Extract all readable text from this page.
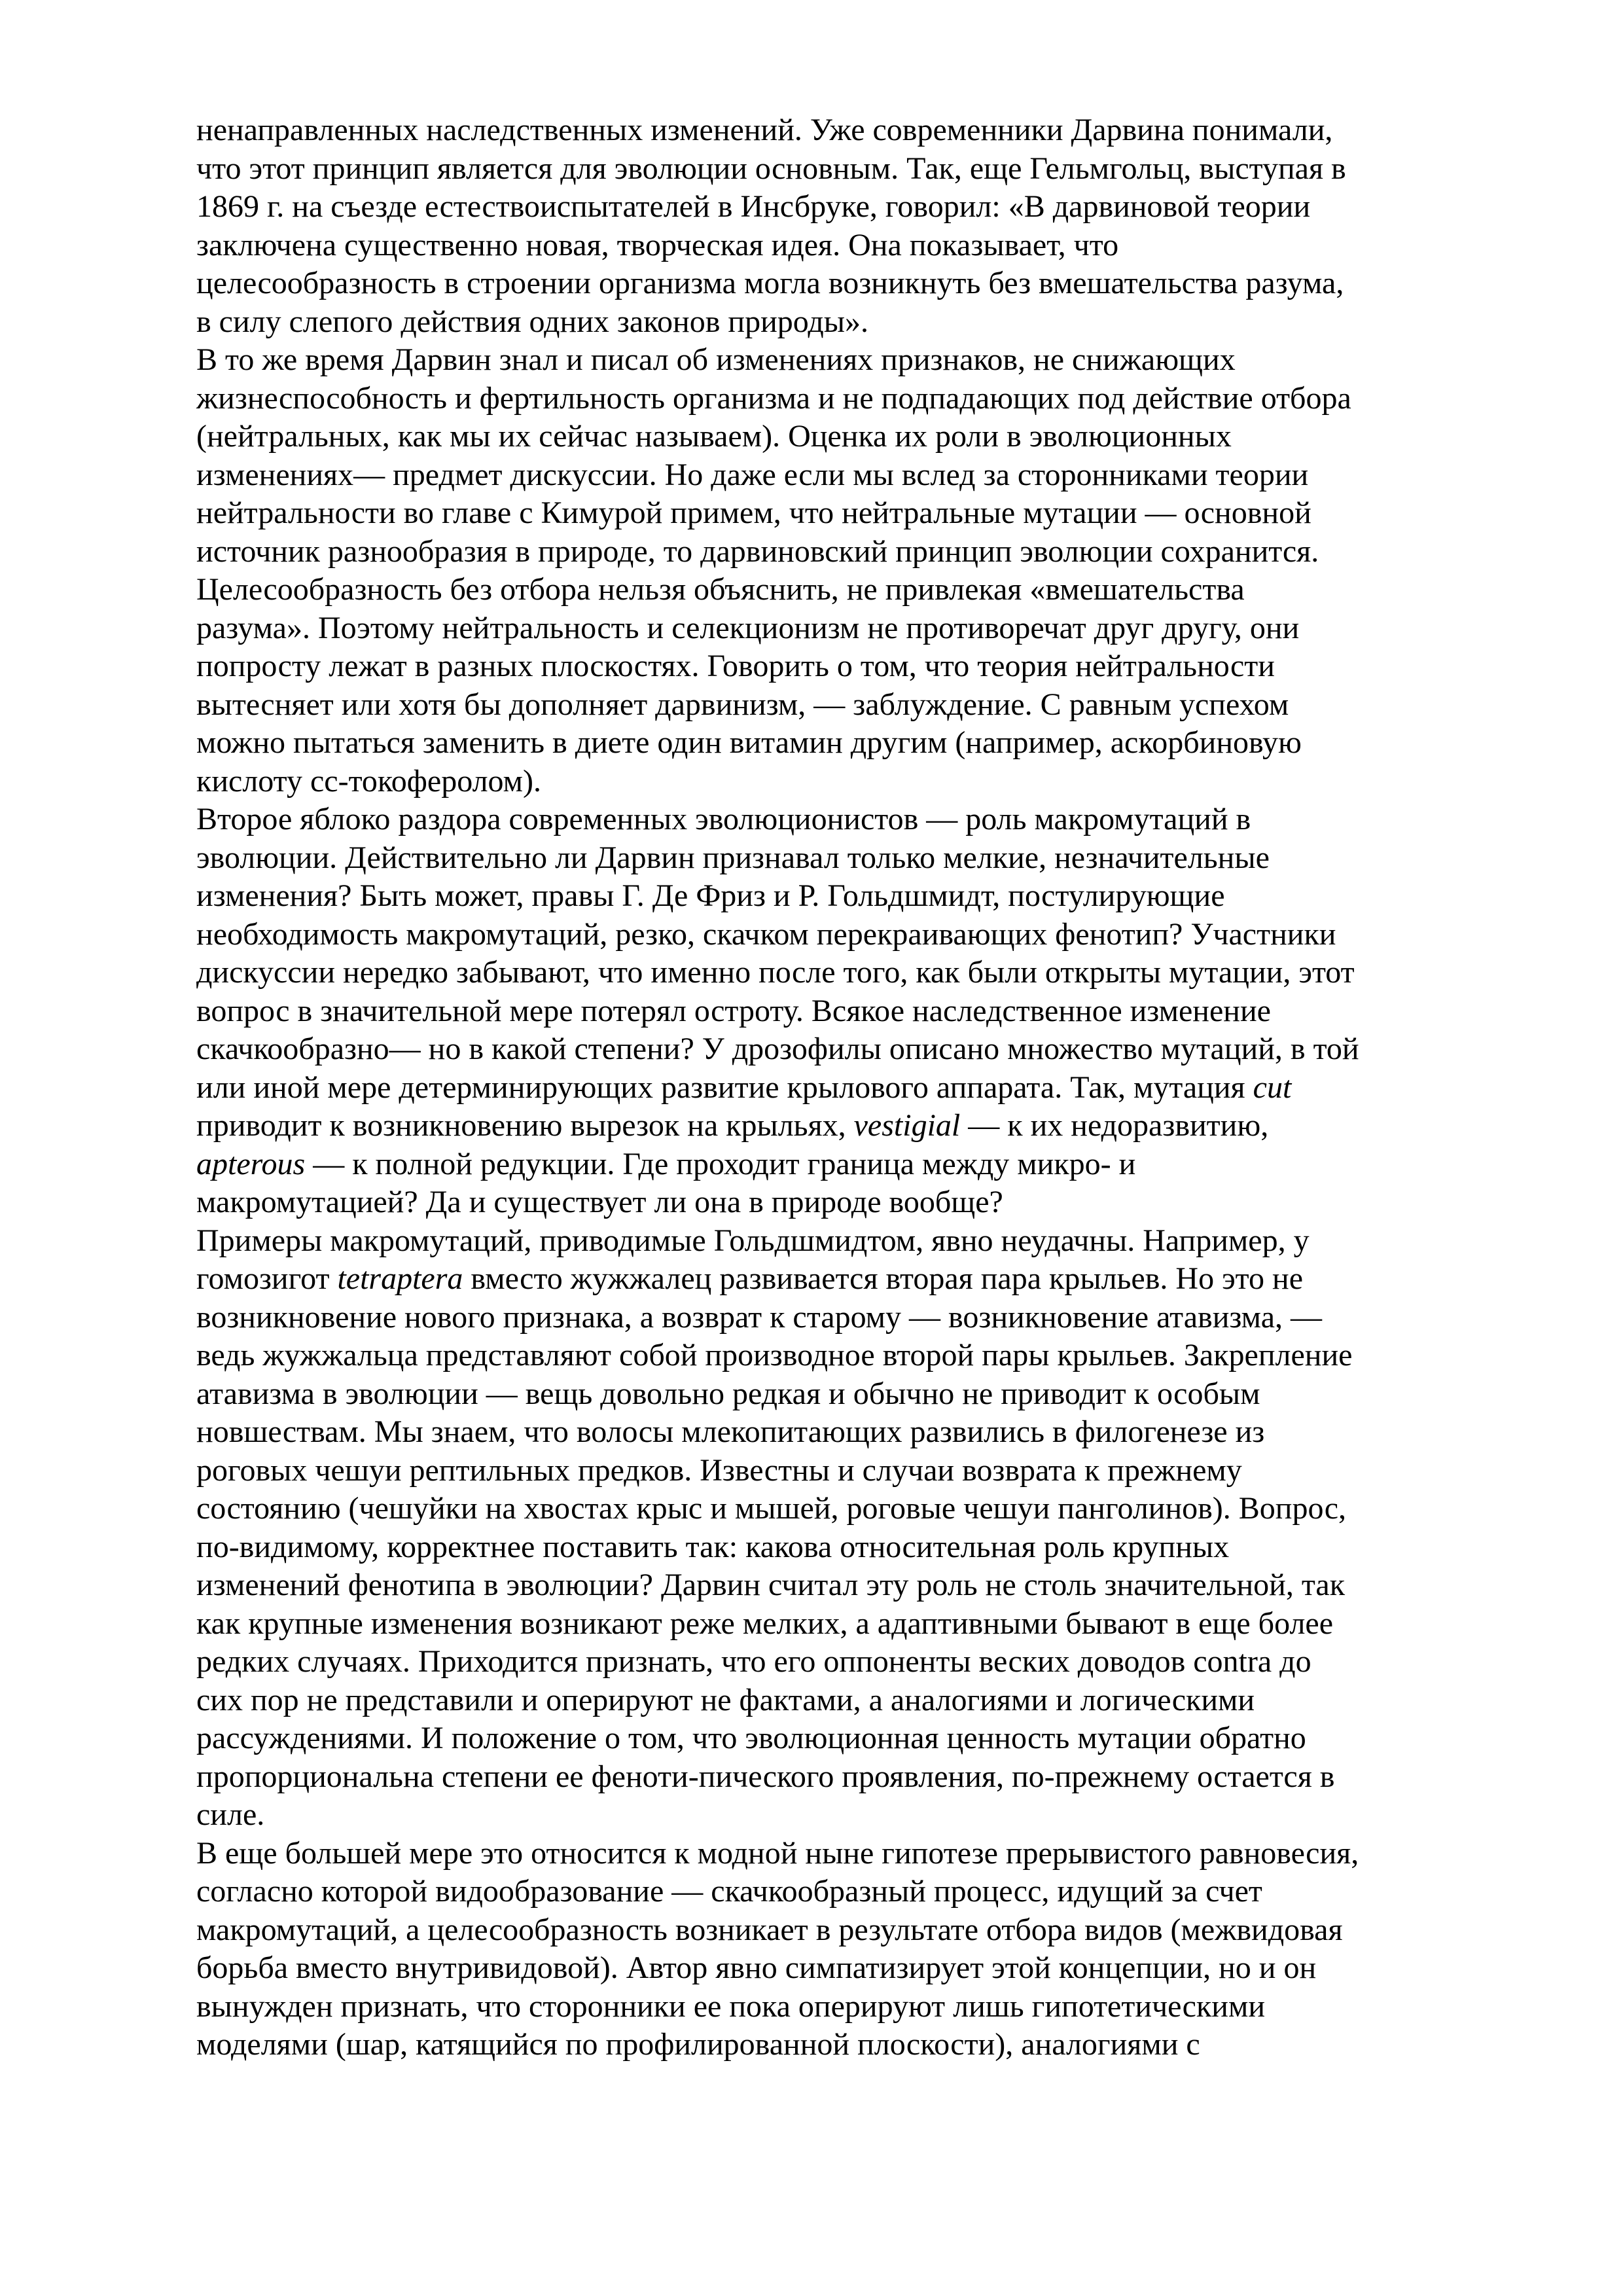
ненаправленных наследственных изменений. Уже современники Дарвина понимали,
что этот принцип является для эволюции основным. Так, еще Гельмгольц, выступая в
1869 г. на съезде естествоиспытателей в Инсбруке, говорил: «В дарвиновой теории
заключена существенно новая, творческая идея. Она показывает, что
целесообразность в строении организма могла возникнуть без вмешательства разума,
в силу слепого действия одних законов природы».
В то же время Дарвин знал и писал об изменениях признаков, не снижающих
жизнеспособность и фертильность организма и не подпадающих под действие отбора
(нейтральных, как мы их сейчас называем). Оценка их роли в эволюционных
изменениях— предмет дискуссии. Но даже если мы вслед за сторонниками теории
нейтральности во главе с Кимурой примем, что нейтральные мутации — основной
источник разнообразия в природе, то дарвиновский принцип эволюции сохранится.
Целесообразность без отбора нельзя объяснить, не привлекая «вмешательства
разума». Поэтому нейтральность и селекционизм не противоречат друг другу, они
попросту лежат в разных плоскостях. Говорить о том, что теория нейтральности
вытесняет или хотя бы дополняет дарвинизм, — заблуждение. С равным успехом
можно пытаться заменить в диете один витамин другим (например, аскорбиновую
кислоту сс-токоферолом).
Второе яблоко раздора современных эволюционистов — роль макромутаций в
эволюции. Действительно ли Дарвин признавал только мелкие, незначительные
изменения? Быть может, правы Г. Де Фриз и Р. Гольдшмидт, постулирующие
необходимость макромутаций, резко, скачком перекраивающих фенотип? Участники
дискуссии нередко забывают, что именно после того, как были открыты мутации, этот
вопрос в значительной мере потерял остроту. Всякое наследственное изменение
скачкообразно— но в какой степени? У дрозофилы описано множество мутаций, в той
или иной мере детерминирующих развитие крылового аппарата. Так, мутация cut
приводит к возникновению вырезок на крыльях, vestigial — к их недоразвитию,
apterous — к полной редукции. Где проходит граница между микро- и
макромутацией? Да и существует ли она в природе вообще?
Примеры макромутаций, приводимые Гольдшмидтом, явно неудачны. Например, у
гомозигот tetraptera вместо жужжалец развивается вторая пара крыльев. Но это не
возникновение нового признака, а возврат к старому — возникновение атавизма, —
ведь жужжальца представляют собой производное второй пары крыльев. Закрепление
атавизма в эволюции — вещь довольно редкая и обычно не приводит к особым
новшествам. Мы знаем, что волосы млекопитающих развились в филогенезе из
роговых чешуи рептильных предков. Известны и случаи возврата к прежнему
состоянию (чешуйки на хвостах крыс и мышей, роговые чешуи панголинов). Вопрос,
по-видимому, корректнее поставить так: какова относительная роль крупных
изменений фенотипа в эволюции? Дарвин считал эту роль не столь значительной, так
как крупные изменения возникают реже мелких, а адаптивными бывают в еще более
редких случаях. Приходится признать, что его оппоненты веских доводов contra до
сих пор не представили и оперируют не фактами, а аналогиями и логическими
рассуждениями. И положение о том, что эволюционная ценность мутации обратно
пропорциональна степени ее феноти-пического проявления, по-прежнему остается в
силе.
В еще большей мере это относится к модной ныне гипотезе прерывистого равновесия,
согласно которой видообразование — скачкообразный процесс, идущий за счет
макромутаций, а целесообразность возникает в результате отбора видов (межвидовая
борьба вместо внутривидовой). Автор явно симпатизирует этой концепции, но и он
вынужден признать, что сторонники ее пока оперируют лишь гипотетическими
моделями (шар, катящийся по профилированной плоскости), аналогиями с
